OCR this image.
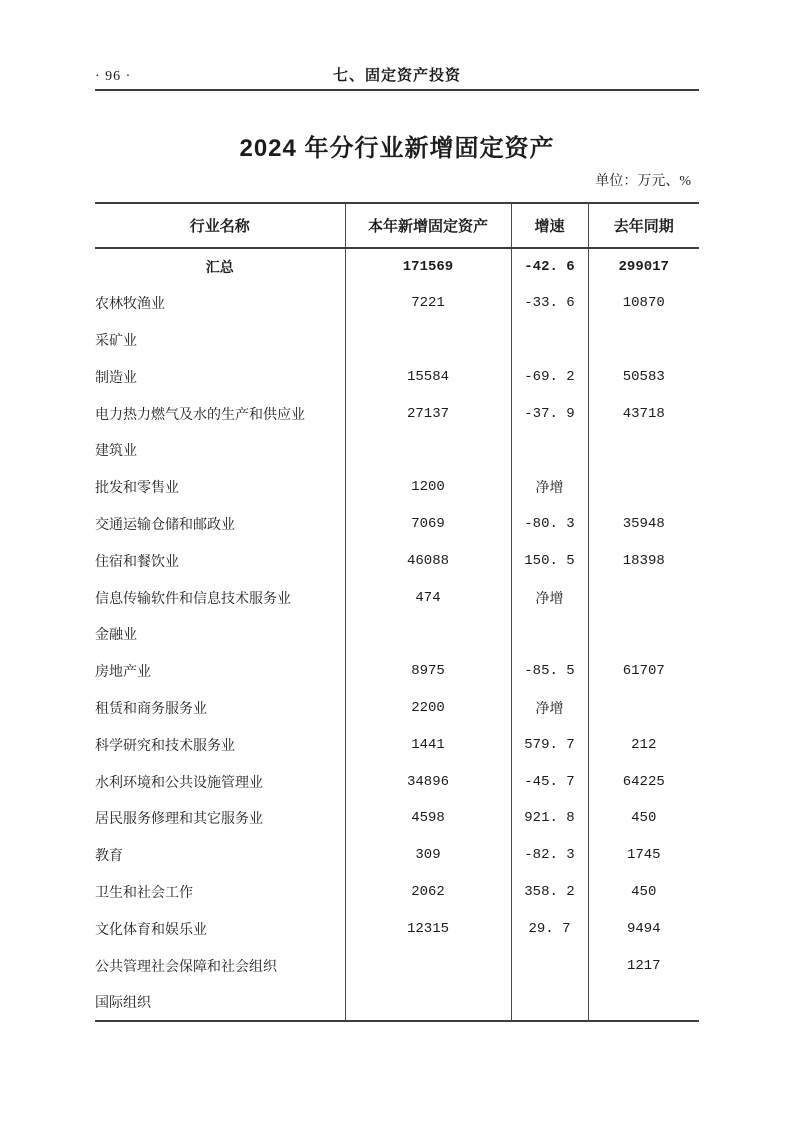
· 96 ·	七、固定资产投资
2024 年分行业新增固定资产
单位：万元、%
行业名称	本年新增固定资产	增速	去年同期
汇总	171569	-42. 6	299017
农林牧渔业	7221	-33. 6	10870
采矿业			
制造业	15584	-69. 2	50583
电力热力燃气及水的生产和供应业	27137	-37. 9	43718
建筑业			
批发和零售业	1200	净增	
交通运输仓储和邮政业	7069	-80. 3	35948
住宿和餐饮业	46088	150. 5	18398
信息传输软件和信息技术服务业	474	净增	
金融业			
房地产业	8975	-85. 5	61707
租赁和商务服务业	2200	净增	
科学研究和技术服务业	1441	579. 7	212
水利环境和公共设施管理业	34896	-45. 7	64225
居民服务修理和其它服务业	4598	921. 8	450
教育	309	-82. 3	1745
卫生和社会工作	2062	358. 2	450
文化体育和娱乐业	12315	29. 7	9494
公共管理社会保障和社会组织			1217
国际组织			
